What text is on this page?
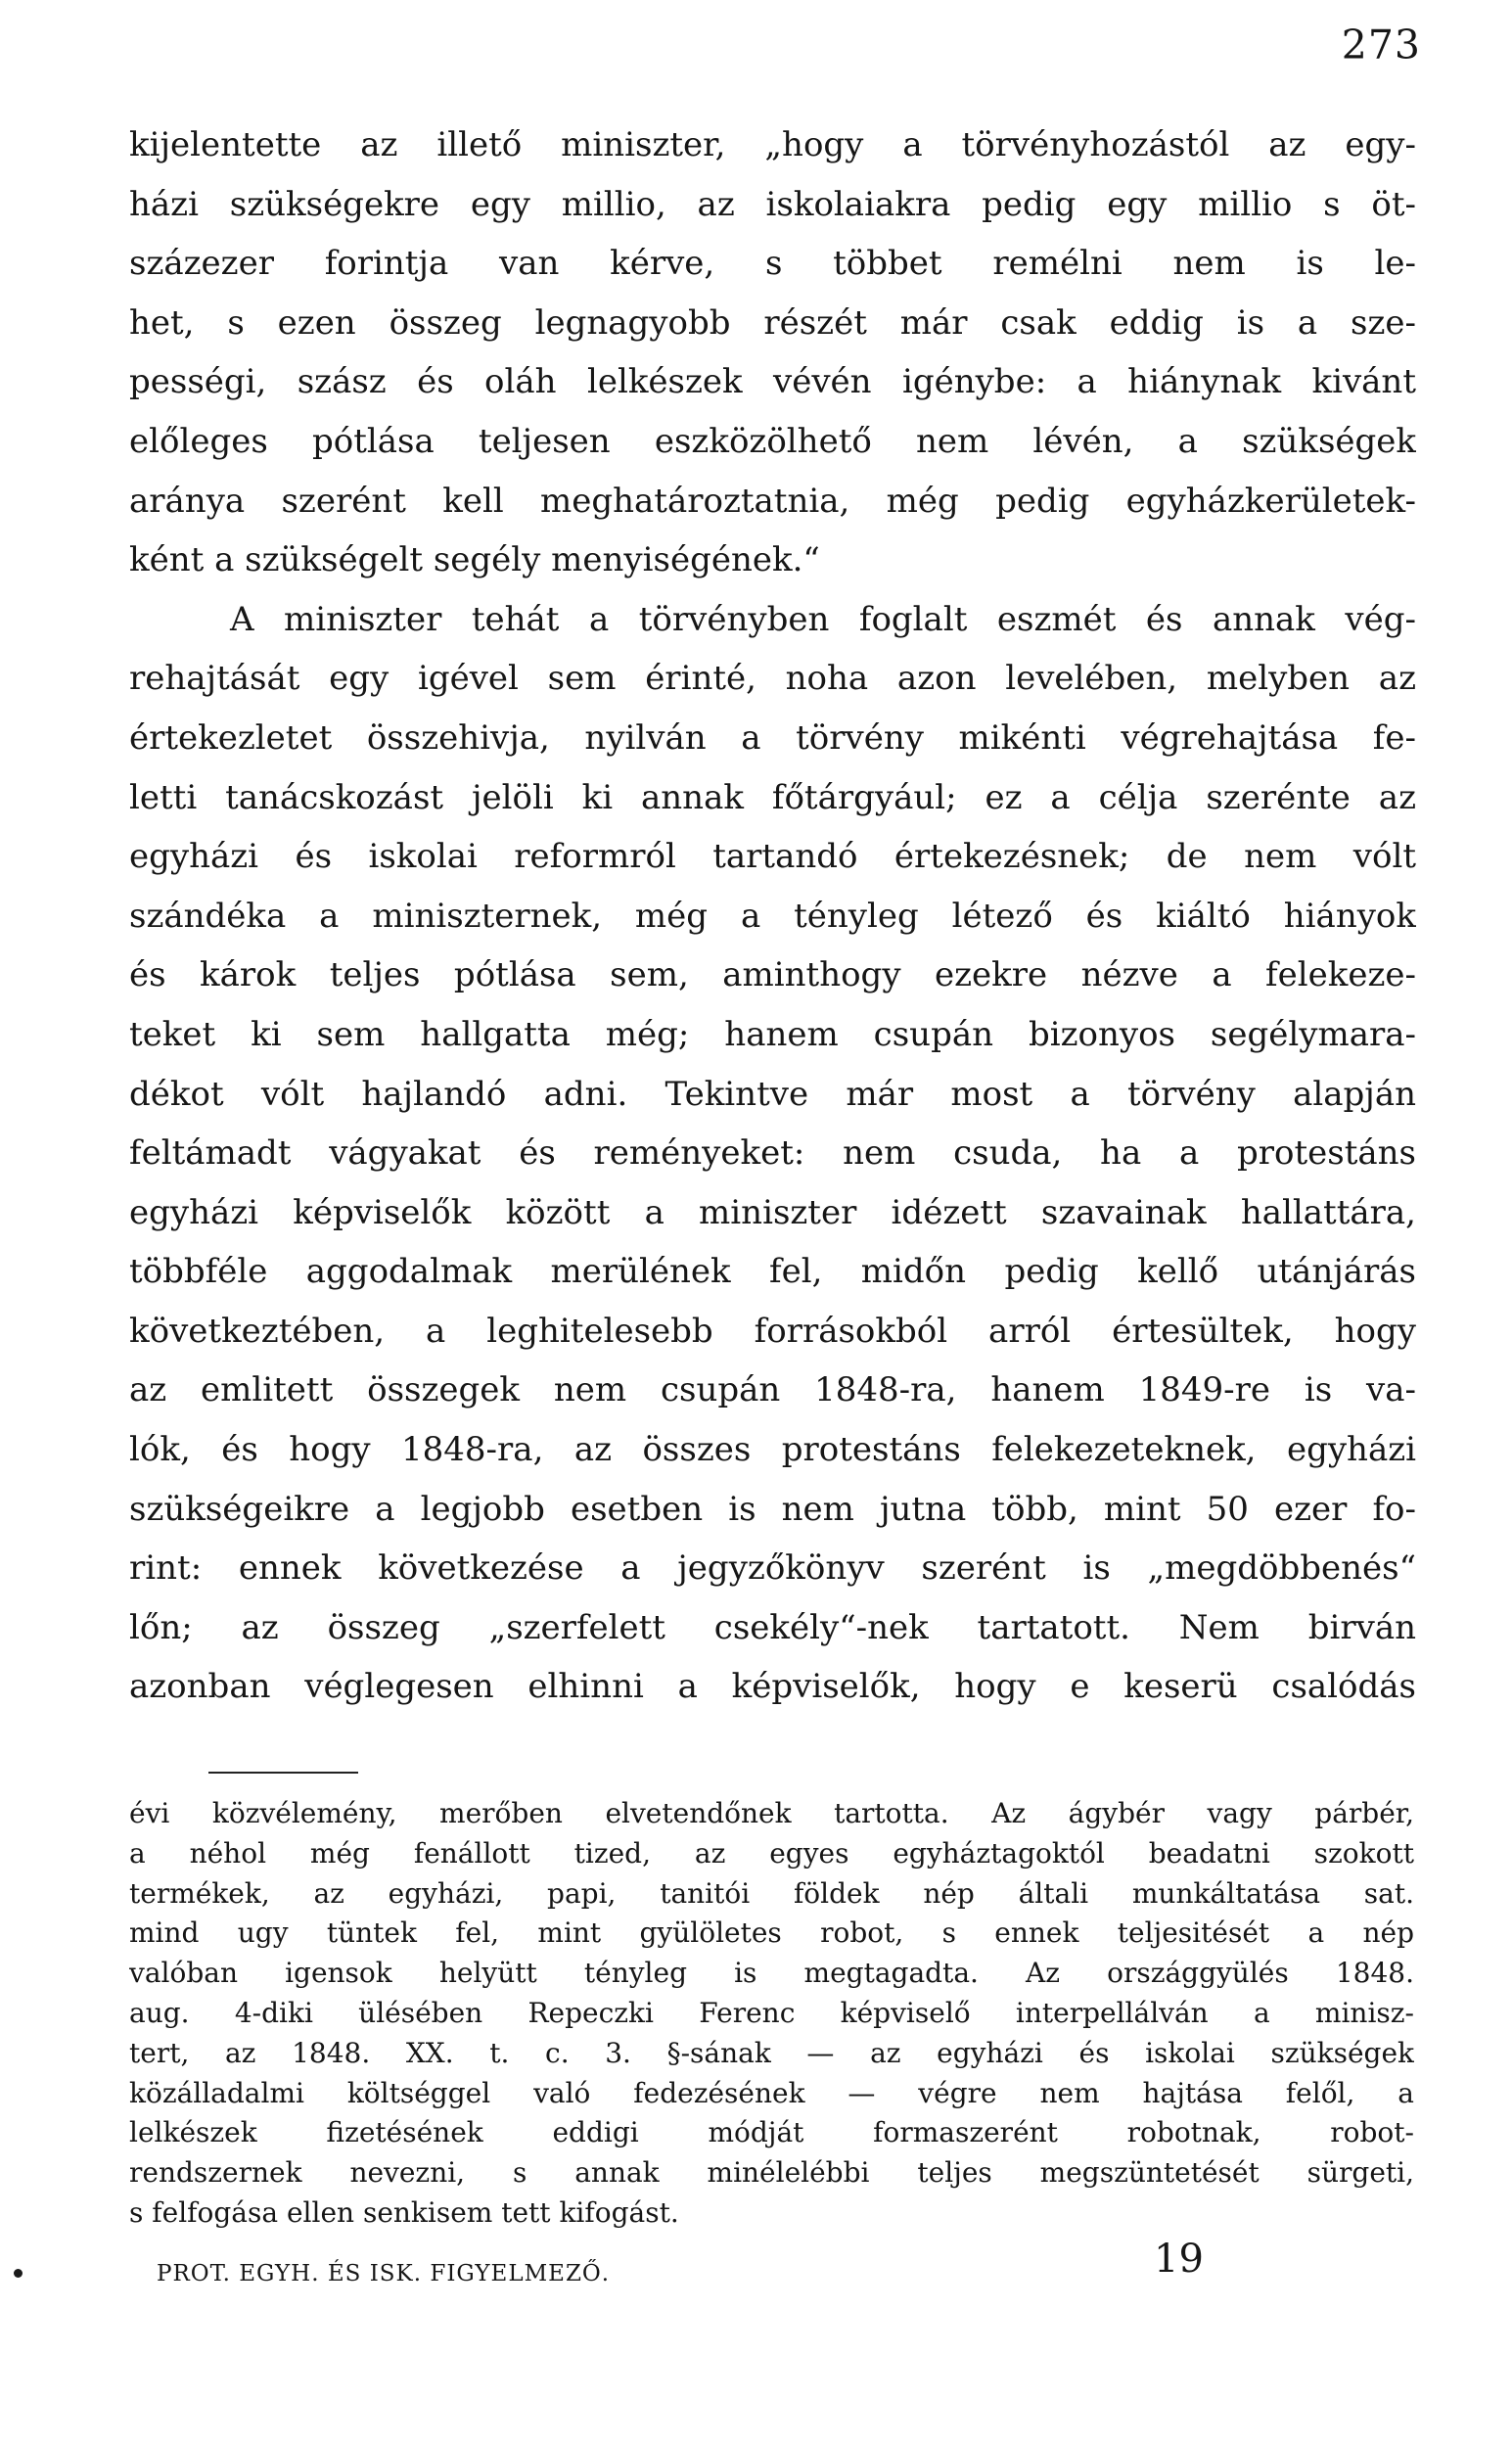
273
kijelentette az illető miniszter, „hogy a törvényhozástól az egy-
házi szükségekre egy millio, az iskolaiakra pedig egy millio s öt-
százezer forintja van kérve, s többet remélni nem is le-
het, s ezen összeg legnagyobb részét már csak eddig is a sze-
pességi, szász és oláh lelkészek vévén igénybe: a hiánynak kivánt
előleges pótlása teljesen eszközölhető nem lévén, a szükségek
aránya szerént kell meghatároztatnia, még pedig egyházkerületek-
ként a szükségelt segély menyiségének.“
A miniszter tehát a törvényben foglalt eszmét és annak vég-
rehajtását egy igével sem érinté, noha azon levelében, melyben az
értekezletet összehivja, nyilván a törvény mikénti végrehajtása fe-
letti tanácskozást jelöli ki annak főtárgyául; ez a célja szerénte az
egyházi és iskolai reformról tartandó értekezésnek; de nem vólt
szándéka a miniszternek, még a tényleg létező és kiáltó hiányok
és károk teljes pótlása sem, aminthogy ezekre nézve a felekeze-
teket ki sem hallgatta még; hanem csupán bizonyos segélymara-
dékot vólt hajlandó adni. Tekintve már most a törvény alapján
feltámadt vágyakat és reményeket: nem csuda, ha a protestáns
egyházi képviselők között a miniszter idézett szavainak hallattára,
többféle aggodalmak merülének fel, midőn pedig kellő utánjárás
következtében, a leghitelesebb forrásokból arról értesültek, hogy
az emlitett összegek nem csupán 1848-ra, hanem 1849-re is va-
lók, és hogy 1848-ra, az összes protestáns felekezeteknek, egyházi
szükségeikre a legjobb esetben is nem jutna több, mint 50 ezer fo-
rint: ennek következése a jegyzőkönyv szerént is „megdöbbenés“
lőn; az összeg „szerfelett csekély“-nek tartatott. Nem birván
azonban véglegesen elhinni a képviselők, hogy e keserü csalódás
évi közvélemény, merőben elvetendőnek tartotta. Az ágybér vagy párbér,
a néhol még fenállott tized, az egyes egyháztagoktól beadatni szokott
termékek, az egyházi, papi, tanitói földek nép általi munkáltatása sat.
mind ugy tüntek fel, mint gyülöletes robot, s ennek teljesitését a nép
valóban igensok helyütt tényleg is megtagadta. Az országgyülés 1848.
aug. 4-diki ülésében Repeczki Ferenc képviselő interpellálván a minisz-
tert, az 1848. XX. t. c. 3. §-sának — az egyházi és iskolai szükségek
közálladalmi költséggel való fedezésének — végre nem hajtása felől, a
lelkészek fizetésének eddigi módját formaszerént robotnak, robot-
rendszernek nevezni, s annak minélelébbi teljes megszüntetését sürgeti,
s felfogása ellen senkisem tett kifogást.
PROT. EGYH. ÉS ISK. FIGYELMEZŐ.	19
